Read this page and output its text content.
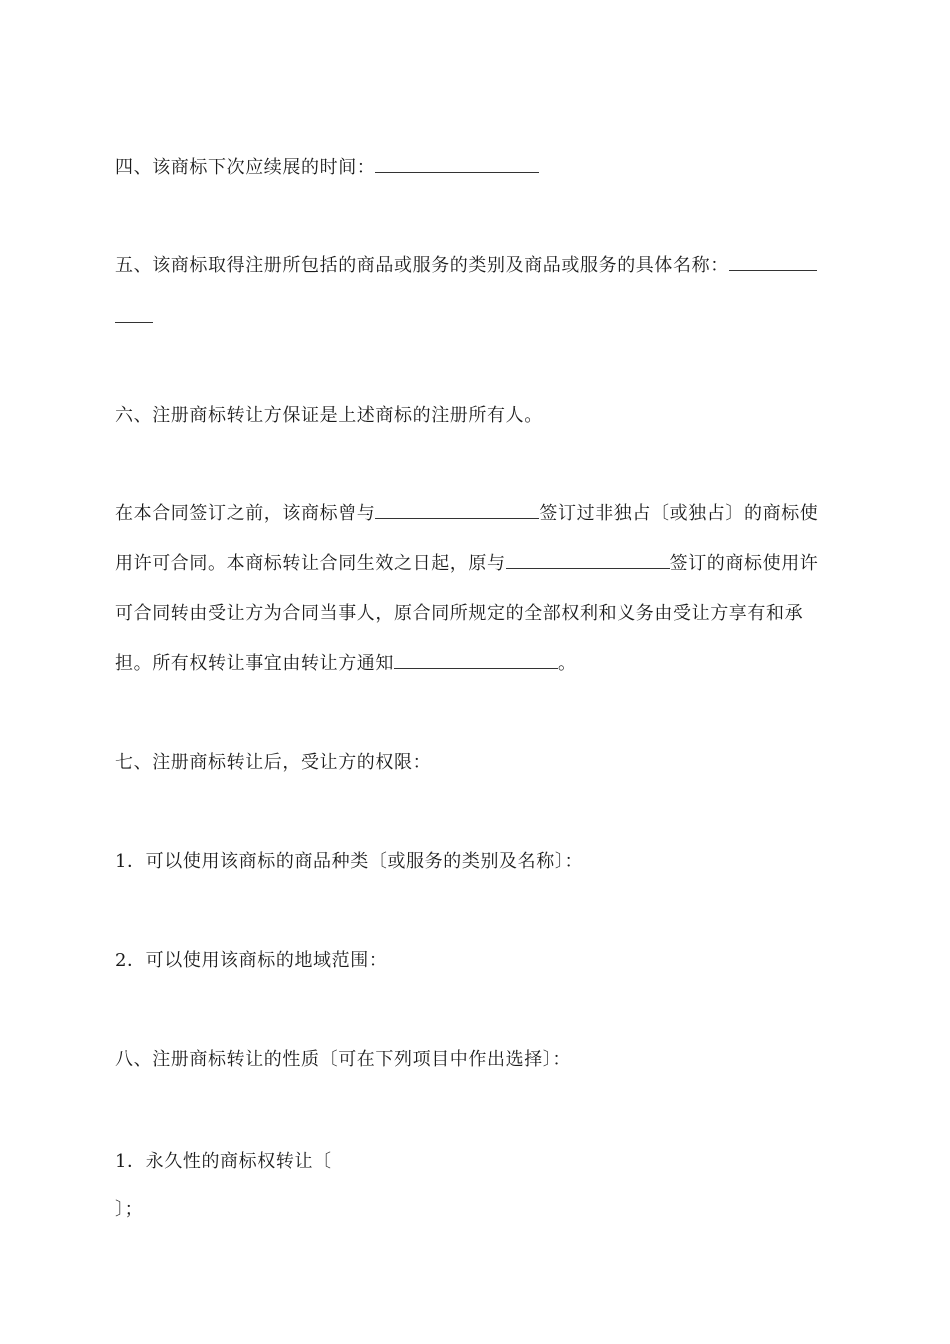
四、该商标下次应续展的时间：
五、该商标取得注册所包括的商品或服务的类别及商品或服务的具体名称：
六、注册商标转让方保证是上述商标的注册所有人。
在本合同签订之前，该商标曾与	签订过非独占〔或独占〕的商标使
用许可合同。本商标转让合同生效之日起，原与	签订的商标使用许
可合同转由受让方为合同当事人，原合同所规定的全部权利和义务由受让方享有和承
担。所有权转让事宜由转让方通知	。
七、注册商标转让后，受让方的权限：
1．可以使用该商标的商品种类〔或服务的类别及名称〕：
2．可以使用该商标的地域范围：
八、注册商标转让的性质〔可在下列项目中作出选择〕：
1．永久性的商标权转让〔
〕；
